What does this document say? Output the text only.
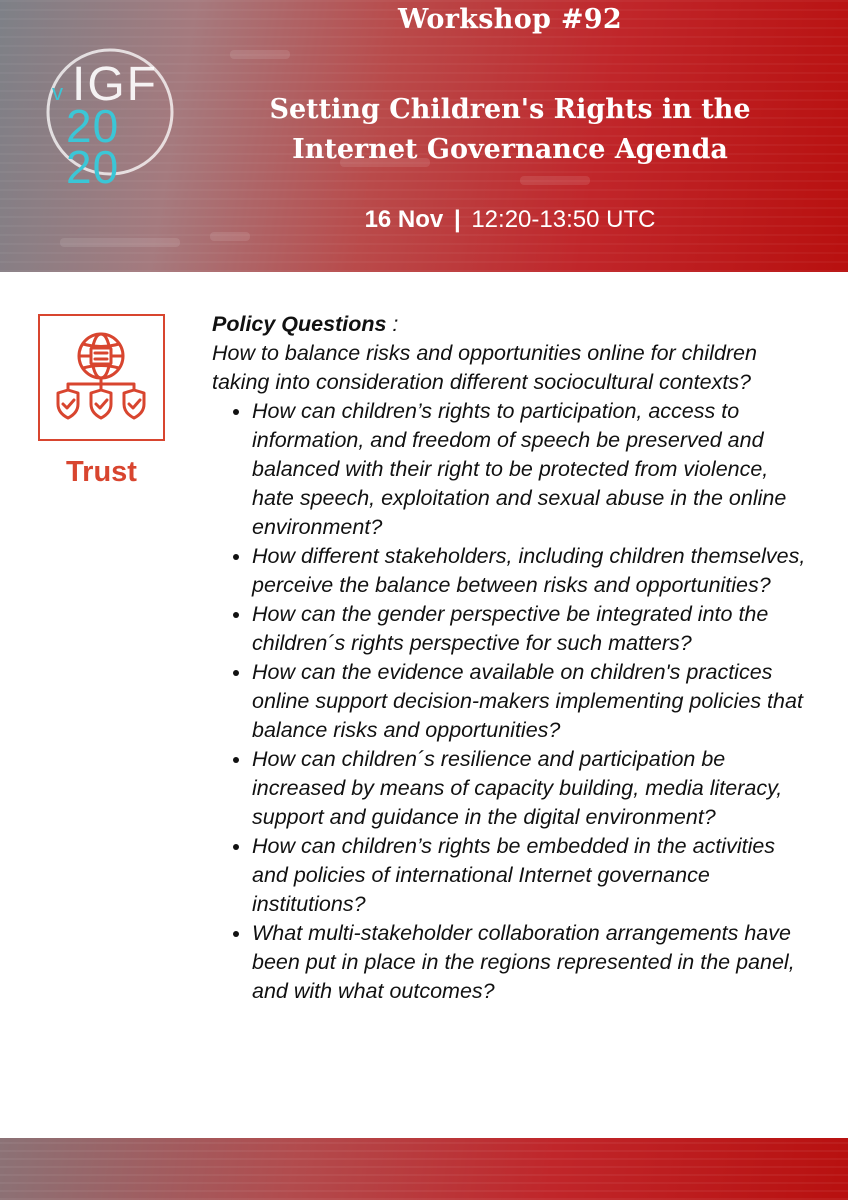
v IGF
20
20
Workshop #92
Setting Children's Rights in the
Internet Governance Agenda
16 Nov | 12:20-13:50 UTC
Trust

Policy Questions :

How to balance risks and opportunities online for children taking into consideration different sociocultural contexts?

• How can children’s rights to participation, access to information, and freedom of speech be preserved and balanced with their right to be protected from violence, hate speech, exploitation and sexual abuse in the online environment?
• How different stakeholders, including children themselves, perceive the balance between risks and opportunities?
• How can the gender perspective be integrated into the children´s rights perspective for such matters?
• How can the evidence available on children's practices online support decision-makers implementing policies that balance risks and opportunities?
• How can children´s resilience and participation be increased by means of capacity building, media literacy, support and guidance in the digital environment?
• How can children’s rights be embedded in the activities and policies of international Internet governance institutions?
• What multi-stakeholder collaboration arrangements have been put in place in the regions represented in the panel, and with what outcomes?
